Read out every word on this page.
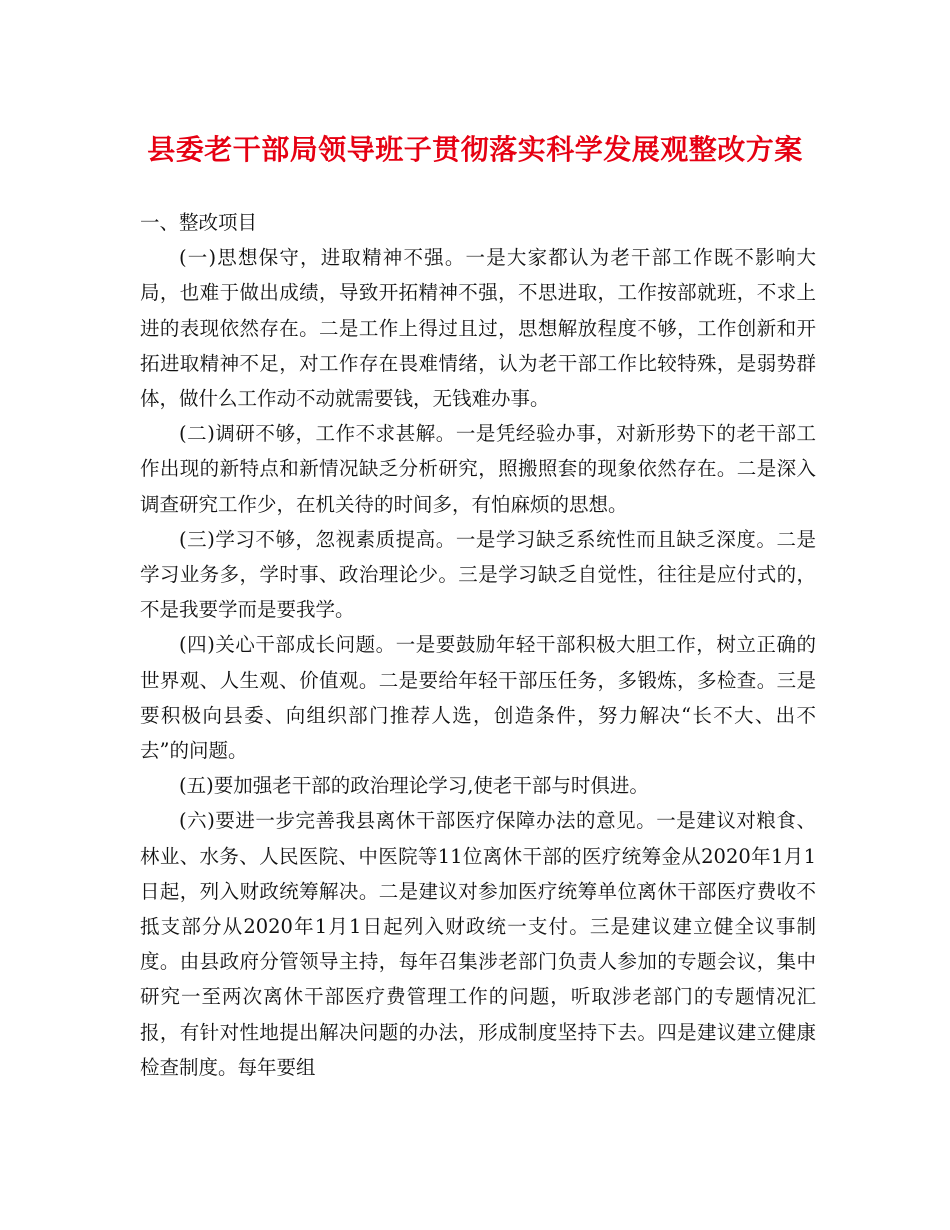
县委老干部局领导班子贯彻落实科学发展观整改方案

一、整改项目

(一)思想保守，进取精神不强。一是大家都认为老干部工作既不影响大局，也难于做出成绩，导致开拓精神不强，不思进取，工作按部就班，不求上进的表现依然存在。二是工作上得过且过，思想解放程度不够，工作创新和开拓进取精神不足，对工作存在畏难情绪，认为老干部工作比较特殊，是弱势群体，做什么工作动不动就需要钱，无钱难办事。

(二)调研不够，工作不求甚解。一是凭经验办事，对新形势下的老干部工作出现的新特点和新情况缺乏分析研究，照搬照套的现象依然存在。二是深入调查研究工作少，在机关待的时间多，有怕麻烦的思想。

(三)学习不够，忽视素质提高。一是学习缺乏系统性而且缺乏深度。二是学习业务多，学时事、政治理论少。三是学习缺乏自觉性，往往是应付式的，不是我要学而是要我学。

(四)关心干部成长问题。一是要鼓励年轻干部积极大胆工作，树立正确的世界观、人生观、价值观。二是要给年轻干部压任务，多锻炼，多检查。三是要积极向县委、向组织部门推荐人选，创造条件，努力解决“长不大、出不去”的问题。

(五)要加强老干部的政治理论学习,使老干部与时俱进。

(六)要进一步完善我县离休干部医疗保障办法的意见。一是建议对粮食、林业、水务、人民医院、中医院等11位离休干部的医疗统筹金从2020年1月1日起，列入财政统筹解决。二是建议对参加医疗统筹单位离休干部医疗费收不抵支部分从2020年1月1日起列入财政统一支付。三是建议建立健全议事制度。由县政府分管领导主持，每年召集涉老部门负责人参加的专题会议，集中研究一至两次离休干部医疗费管理工作的问题，听取涉老部门的专题情况汇报，有针对性地提出解决问题的办法，形成制度坚持下去。四是建议建立健康检查制度。每年要组
